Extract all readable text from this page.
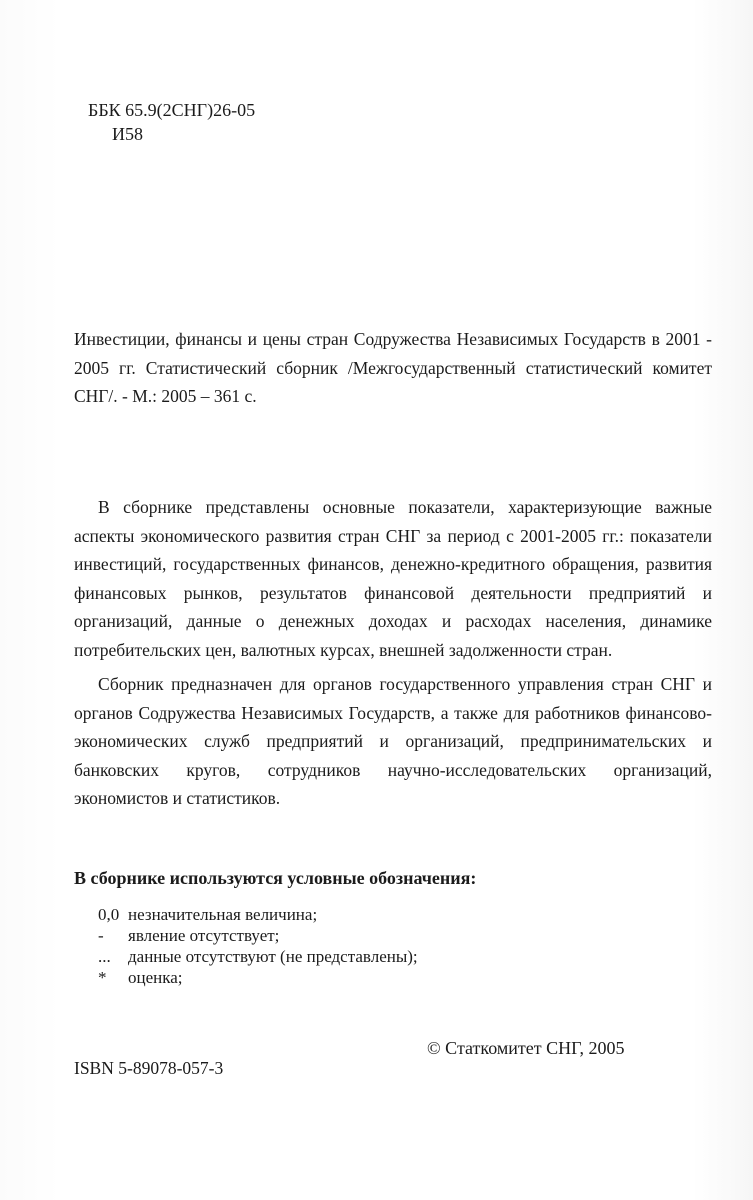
ББК 65.9(2СНГ)26-05
И58
Инвестиции, финансы и цены стран Содружества Независимых Государств в 2001 - 2005 гг. Статистический сборник /Межгосударственный статистический комитет СНГ/. - М.: 2005 – 361 с.

В сборнике представлены основные показатели, характеризующие важные аспекты экономического развития стран СНГ за период с 2001-2005 гг.: показатели инвестиций, государственных финансов, денежно-кредитного обращения, развития финансовых рынков, результатов финансовой деятельности предприятий и организаций, данные о денежных доходах и расходах населения, динамике потребительских цен, валютных курсах, внешней задолженности стран.

Сборник предназначен для органов государственного управления стран СНГ и органов Содружества Независимых Государств, а также для работников финансово-экономических служб предприятий и организаций, предпринимательских и банковских кругов, сотрудников научно-исследовательских организаций, экономистов и статистиков.

В сборнике используются условные обозначения:
0,0 незначительная величина;
-	явление отсутствует;
...	данные отсутствуют (не представлены);
*	оценка;
© Статкомитет СНГ, 2005
ISBN 5-89078-057-3
